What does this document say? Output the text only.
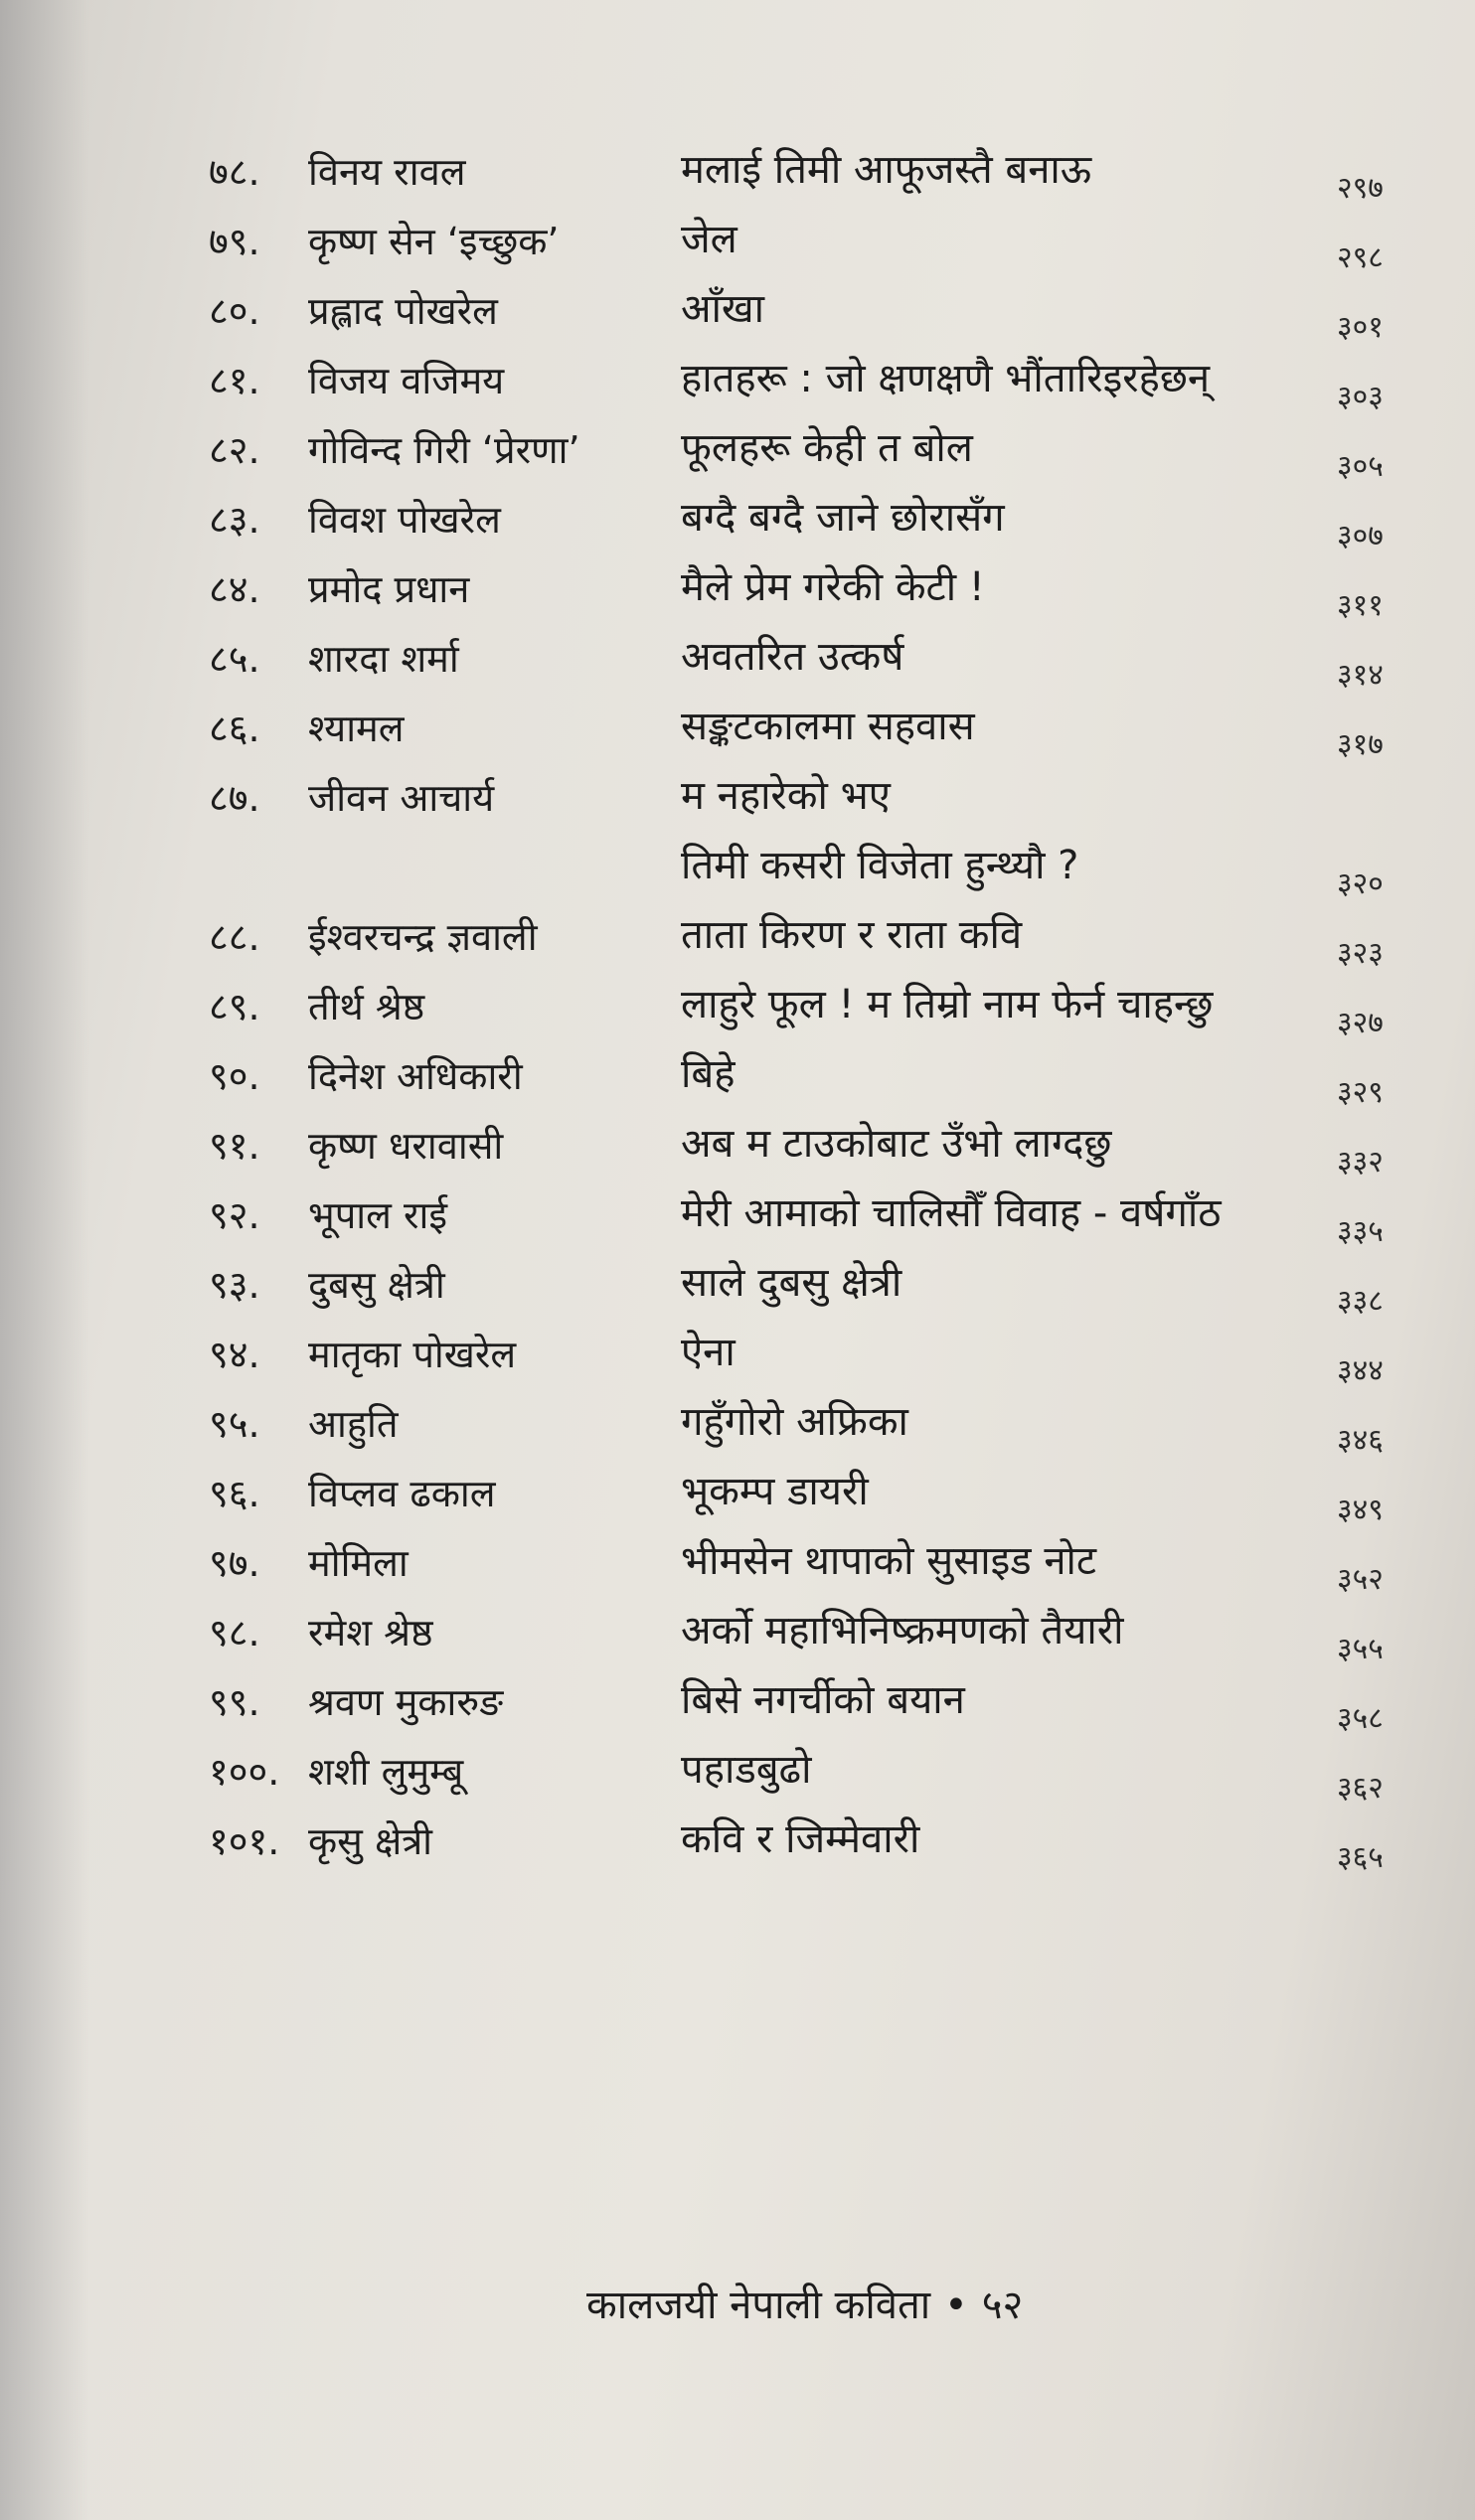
७८. विनय रावल	मलाई तिमी आफूजस्तै बनाऊ	२९७
७९. कृष्ण सेन ‘इच्छुक’	जेल	२९८
८०. प्रह्लाद पोखरेल	आँखा	३०१
८१. विजय वजिमय	हातहरू : जो क्षणक्षणै भौंतारिइरहेछन्	३०३
८२. गोविन्द गिरी ‘प्रेरणा’	फूलहरू केही त बोल	३०५
८३. विवश पोखरेल	बग्दै बग्दै जाने छोरासँग	३०७
८४. प्रमोद प्रधान	मैले प्रेम गरेकी केटी !	३११
८५. शारदा शर्मा	अवतरित उत्कर्ष	३१४
८६. श्यामल	सङ्कटकालमा सहवास	३१७
८७. जीवन आचार्य	म नहारेको भए
तिमी कसरी विजेता हुन्थ्यौ ?	३२०
८८. ईश्वरचन्द्र ज्ञवाली	ताता किरण र राता कवि	३२३
८९. तीर्थ श्रेष्ठ	लाहुरे फूल ! म तिम्रो नाम फेर्न चाहन्छु	३२७
९०. दिनेश अधिकारी	बिहे	३२९
९१. कृष्ण धरावासी	अब म टाउकोबाट उँभो लाग्दछु	३३२
९२. भूपाल राई	मेरी आमाको चालिसौँ विवाह - वर्षगाँठ	३३५
९३. दुबसु क्षेत्री	साले दुबसु क्षेत्री	३३८
९४. मातृका पोखरेल	ऐना	३४४
९५. आहुति	गहुँगोरो अफ्रिका	३४६
९६. विप्लव ढकाल	भूकम्प डायरी	३४९
९७. मोमिला	भीमसेन थापाको सुसाइड नोट	३५२
९८. रमेश श्रेष्ठ	अर्को महाभिनिष्क्रमणको तैयारी	३५५
९९. श्रवण मुकारुङ	बिसे नगर्चीको बयान	३५८
१००. शशी लुमुम्बू	पहाडबुढो	३६२
१०१. कृसु क्षेत्री	कवि र जिम्मेवारी	३६५
कालजयी नेपाली कविता • ५२
